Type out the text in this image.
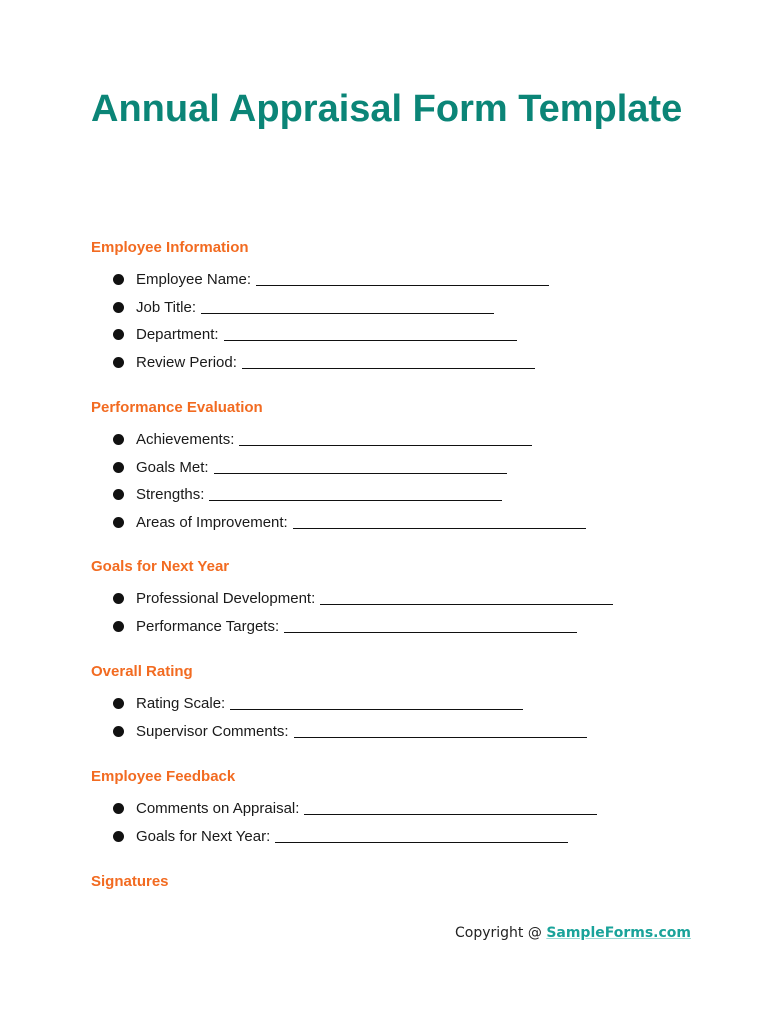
Annual Appraisal Form Template
Employee Information
Employee Name:
Job Title:
Department:
Review Period:
Performance Evaluation
Achievements:
Goals Met:
Strengths:
Areas of Improvement:
Goals for Next Year
Professional Development:
Performance Targets:
Overall Rating
Rating Scale:
Supervisor Comments:
Employee Feedback
Comments on Appraisal:
Goals for Next Year:
Signatures
Copyright @ SampleForms.com
